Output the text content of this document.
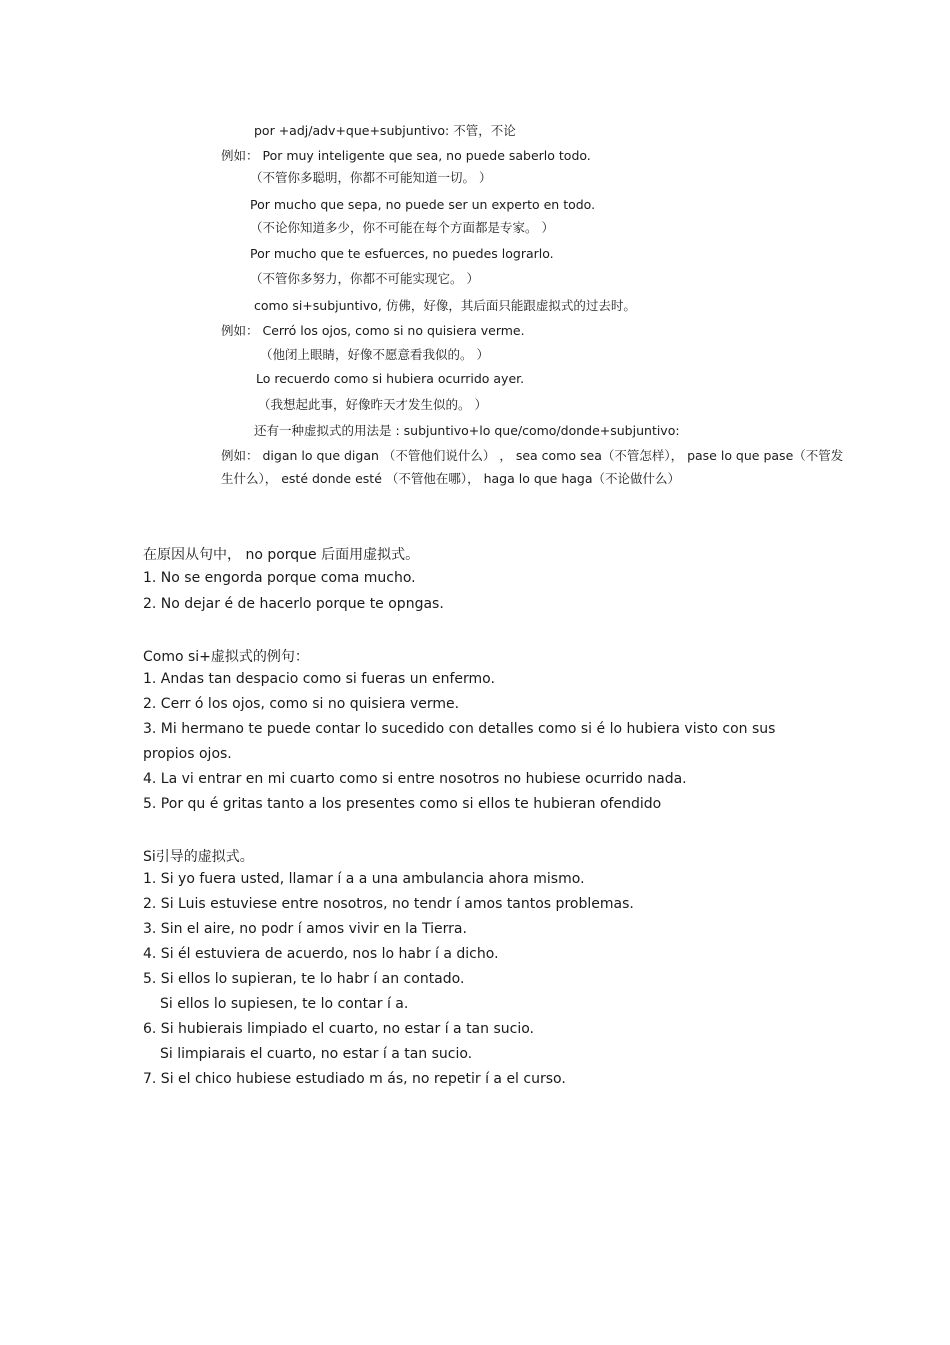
por +adj/adv+que+subjuntivo: 不管，不论
例如： Por muy inteligente que sea, no puede saberlo todo.
（不管你多聪明，你都不可能知道一切。 ）
Por mucho que sepa, no puede ser un experto en todo.
（不论你知道多少，你不可能在每个方面都是专家。 ）
Por mucho que te esfuerces, no puedes lograrlo.
（不管你多努力，你都不可能实现它。 ）
como si+subjuntivo, 仿佛，好像，其后面只能跟虚拟式的过去时。
例如： Cerró los ojos, como si no quisiera verme.
（他闭上眼睛，好像不愿意看我似的。 ）
Lo recuerdo como si hubiera ocurrido ayer.
（我想起此事，好像昨天才发生似的。 ）
还有一种虚拟式的用法是 : subjuntivo+lo que/como/donde+subjuntivo:
例如： digan lo que digan （不管他们说什么） ， sea como sea（不管怎样）， pase lo que pase（不管发
生什么）， esté donde esté （不管他在哪）， haga lo que haga（不论做什么）
在原因从句中， no porque 后面用虚拟式。
1. No se engorda porque coma mucho.
2. No dejar é de hacerlo porque te opngas.
Como si+虚拟式的例句：
1. Andas tan despacio como si fueras un enfermo.
2. Cerr ó los ojos, como si no quisiera verme.
3. Mi hermano te puede contar lo sucedido con detalles como si é lo hubiera visto con sus
propios ojos.
4. La vi entrar en mi cuarto como si entre nosotros no hubiese ocurrido nada.
5. Por qu é gritas tanto a los presentes como si ellos te hubieran ofendido
Si引导的虚拟式。
1. Si yo fuera usted, llamar í a a una ambulancia ahora mismo.
2. Si Luis estuviese entre nosotros, no tendr í amos tantos problemas.
3. Sin el aire, no podr í amos vivir en la Tierra.
4. Si él estuviera de acuerdo, nos lo habr í a dicho.
5. Si ellos lo supieran, te lo habr í an contado.
Si ellos lo supiesen, te lo contar í a.
6. Si hubierais limpiado el cuarto, no estar í a tan sucio.
Si limpiarais el cuarto, no estar í a tan sucio.
7. Si el chico hubiese estudiado m ás, no repetir í a el curso.
